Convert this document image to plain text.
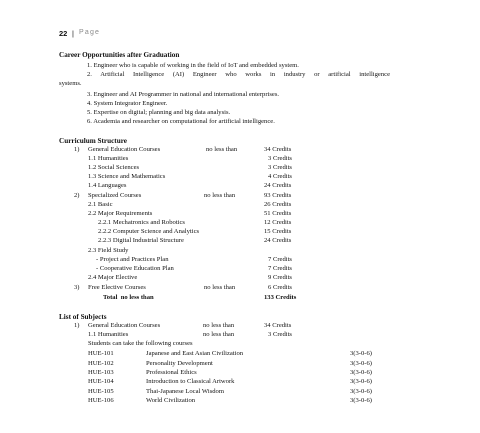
22 | Page
Career Opportunities after Graduation
1. Engineer who is capable of working in the field of IoT and embedded system.
2. Artificial Intelligence (AI) Engineer who works in industry or artificial intelligence
systems.
3. Engineer and AI Programmer in national and international enterprises.
4. System Integrator Engineer.
5. Expertise on digital; planning and big data analysis.
6. Academia and researcher on computational for artificial intelligence.
Curriculum Structure
1) General Education Courses	no less than	34 Credits
1.1 Humanities	3 Credits
1.2 Social Sciences	3 Credits
1.3 Science and Mathematics	4 Credits
1.4 Languages	24 Credits
2) Specialized Courses	no less than	93 Credits
2.1 Basic	26 Credits
2.2 Major Requirements	51 Credits
2.2.1 Mechatronics and Robotics	12 Credits
2.2.2 Computer Science and Analytics	15 Credits
2.2.3 Digital Industrial Structure	24 Credits
2.3 Field Study
- Project and Practices Plan	7 Credits
- Cooperative Education Plan	7 Credits
2.4 Major Elective	9 Credits
3) Free Elective Courses	no less than	6 Credits
Total  no less than	133 Credits
List of Subjects
1) General Education Courses	no less than	34 Credits
1.1 Humanities	no less than	3 Credits
Students can take the following courses
HUE-101	Japanese and East Asian Civilization	3(3-0-6)
HUE-102	Personality Development	3(3-0-6)
HUE-103	Professional Ethics	3(3-0-6)
HUE-104	Introduction to Classical Artwork	3(3-0-6)
HUE-105	Thai-Japanese Local Wisdom	3(3-0-6)
HUE-106	World Civilization	3(3-0-6)
